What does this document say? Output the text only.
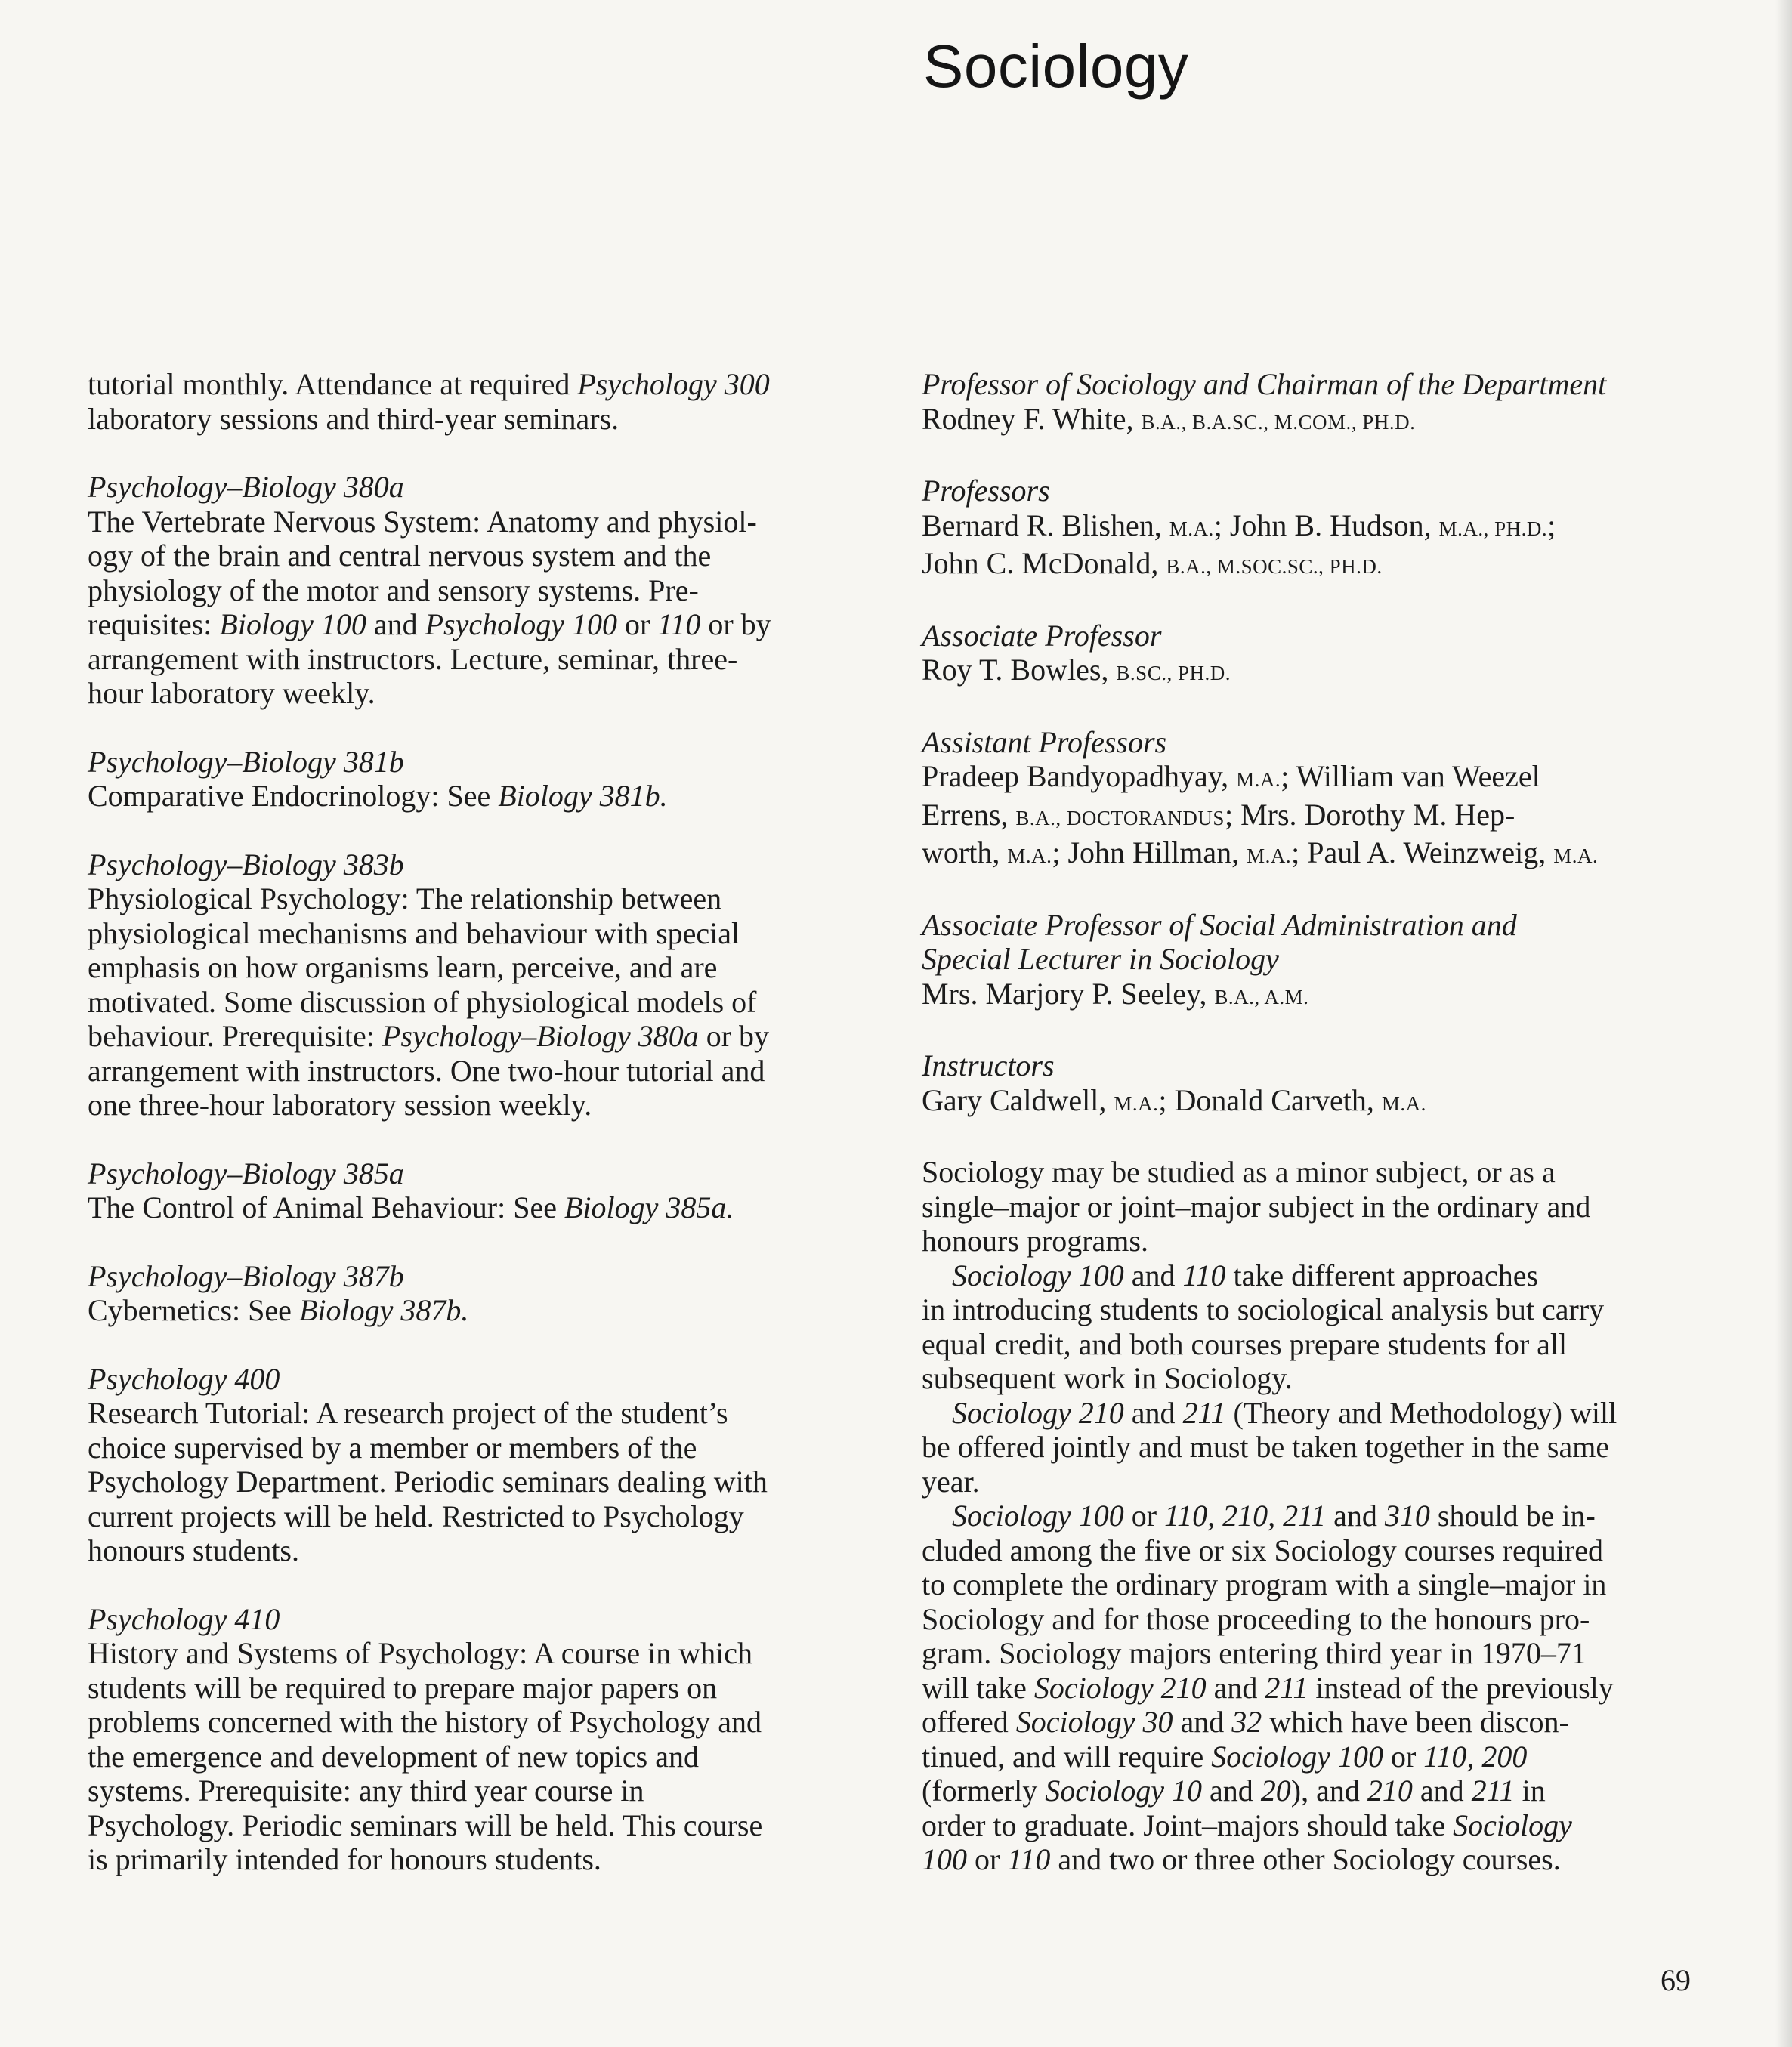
Sociology

tutorial monthly. Attendance at required Psychology 300
laboratory sessions and third-year seminars.

Psychology–Biology 380a

The Vertebrate Nervous System: Anatomy and physiol-
ogy of the brain and central nervous system and the
physiology of the motor and sensory systems. Pre-
requisites: Biology 100 and Psychology 100 or 110 or by
arrangement with instructors. Lecture, seminar, three-
hour laboratory weekly.

Psychology–Biology 381b

Comparative Endocrinology: See Biology 381b.

Psychology–Biology 383b

Physiological Psychology: The relationship between
physiological mechanisms and behaviour with special
emphasis on how organisms learn, perceive, and are
motivated. Some discussion of physiological models of
behaviour. Prerequisite: Psychology–Biology 380a or by
arrangement with instructors. One two-hour tutorial and
one three-hour laboratory session weekly.

Psychology–Biology 385a

The Control of Animal Behaviour: See Biology 385a.

Psychology–Biology 387b

Cybernetics: See Biology 387b.

Psychology 400

Research Tutorial: A research project of the student’s
choice supervised by a member or members of the
Psychology Department. Periodic seminars dealing with
current projects will be held. Restricted to Psychology
honours students.

Psychology 410

History and Systems of Psychology: A course in which
students will be required to prepare major papers on
problems concerned with the history of Psychology and
the emergence and development of new topics and
systems. Prerequisite: any third year course in
Psychology. Periodic seminars will be held. This course
is primarily intended for honours students.

Professor of Sociology and Chairman of the Department
Rodney F. White, B.A., B.A.SC., M.COM., PH.D.
Professors
Bernard R. Blishen, M.A.; John B. Hudson, M.A., PH.D.;
John C. McDonald, B.A., M.SOC.SC., PH.D.
Associate Professor
Roy T. Bowles, B.SC., PH.D.
Assistant Professors
Pradeep Bandyopadhyay, M.A.; William van Weezel
Errens, B.A., DOCTORANDUS; Mrs. Dorothy M. Hep-
worth, M.A.; John Hillman, M.A.; Paul A. Weinzweig, M.A.
Associate Professor of Social Administration and
Special Lecturer in Sociology
Mrs. Marjory P. Seeley, B.A., A.M.
Instructors
Gary Caldwell, M.A.; Donald Carveth, M.A.

Sociology may be studied as a minor subject, or as a
single–major or joint–major subject in the ordinary and
honours programs.

Sociology 100 and 110 take different approaches
in introducing students to sociological analysis but carry
equal credit, and both courses prepare students for all
subsequent work in Sociology.

Sociology 210 and 211 (Theory and Methodology) will
be offered jointly and must be taken together in the same
year.

Sociology 100 or 110, 210, 211 and 310 should be in-
cluded among the five or six Sociology courses required
to complete the ordinary program with a single–major in
Sociology and for those proceeding to the honours pro-
gram. Sociology majors entering third year in 1970–71
will take Sociology 210 and 211 instead of the previously
offered Sociology 30 and 32 which have been discon-
tinued, and will require Sociology 100 or 110, 200
(formerly Sociology 10 and 20), and 210 and 211 in
order to graduate. Joint–majors should take Sociology
100 or 110 and two or three other Sociology courses.

69
